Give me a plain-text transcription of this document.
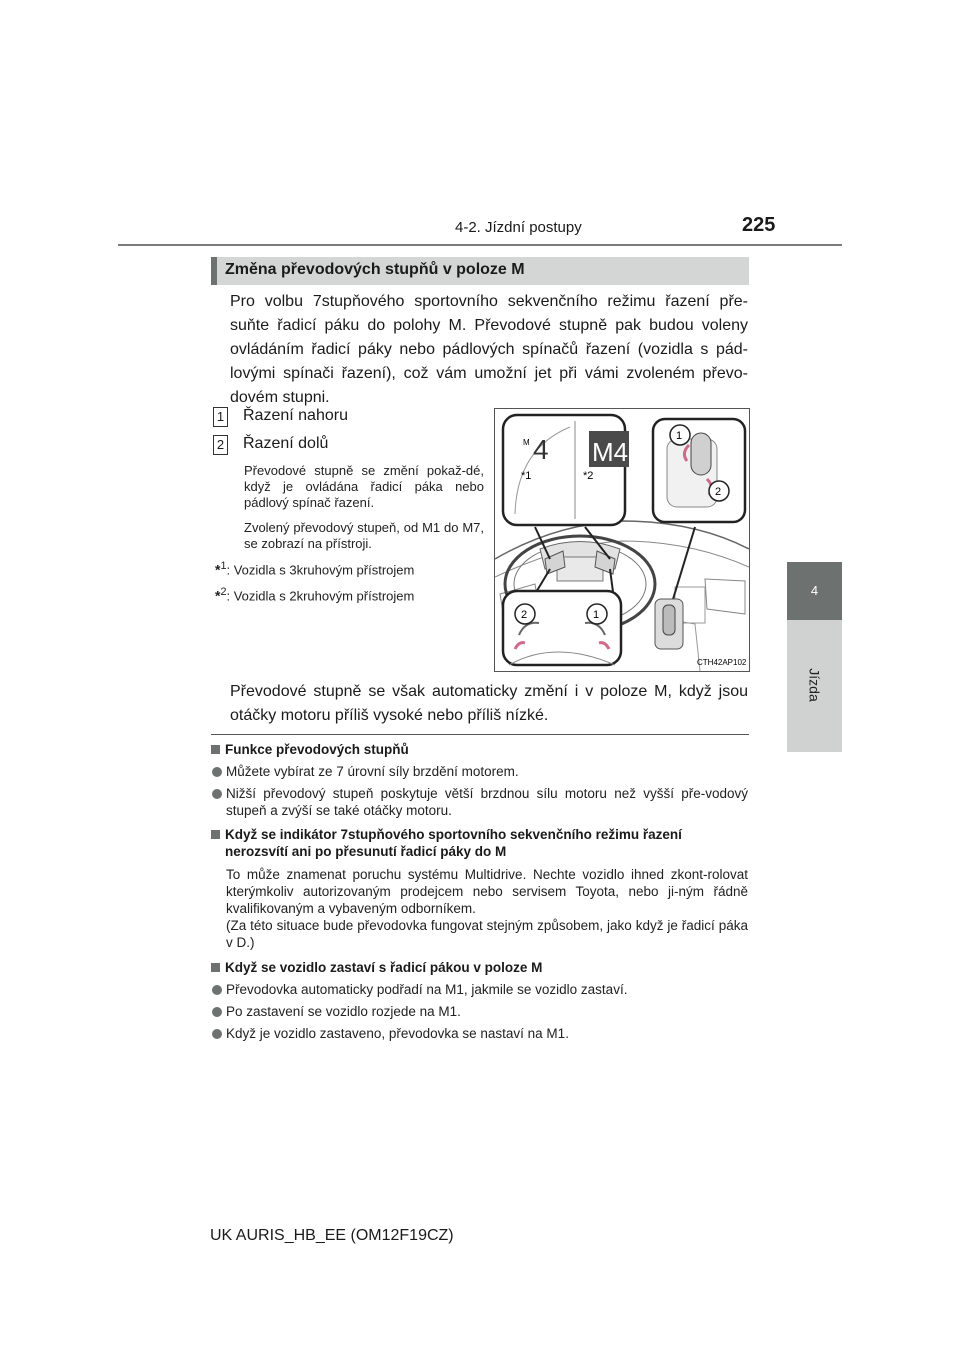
4-2. Jízdní postupy	225
4
Jízda
Změna převodových stupňů v poloze M
Pro volbu 7stupňového sportovního sekvenčního režimu řazení pře-suňte řadicí páku do polohy M. Převodové stupně pak budou voleny ovládáním řadicí páky nebo pádlových spínačů řazení (vozidla s pád-lovými spínači řazení), což vám umožní jet při vámi zvoleném převo-dovém stupni.
1 Řazení nahoru
2 Řazení dolů
Převodové stupně se změní pokaž-dé, když je ovládána řadicí páka nebo pádlový spínač řazení.
Zvolený převodový stupeň, od M1 do M7, se zobrazí na přístroji.
*$^1$: Vozidla s 3kruhovým přístrojem
*$^2$: Vozidla s 2kruhovým přístrojem
M 4 M4
*1	*2
1
2
2	1
CTH42AP102
Převodové stupně se však automaticky změní i v poloze M, když jsou otáčky motoru příliš vysoké nebo příliš nízké.
Funkce převodových stupňů
Můžete vybírat ze 7 úrovní síly brzdění motorem.
Nižší převodový stupeň poskytuje větší brzdnou sílu motoru než vyšší pře-vodový stupeň a zvýší se také otáčky motoru.
Když se indikátor 7stupňového sportovního sekvenčního režimu řazení nerozsvítí ani po přesunutí řadicí páky do M
To může znamenat poruchu systému Multidrive. Nechte vozidlo ihned zkont-rolovat kterýmkoliv autorizovaným prodejcem nebo servisem Toyota, nebo ji-ným řádně kvalifikovaným a vybaveným odborníkem.
(Za této situace bude převodovka fungovat stejným způsobem, jako když je řadicí páka v D.)
Když se vozidlo zastaví s řadicí pákou v poloze M
Převodovka automaticky podřadí na M1, jakmile se vozidlo zastaví.
Po zastavení se vozidlo rozjede na M1.
Když je vozidlo zastaveno, převodovka se nastaví na M1.
UK AURIS_HB_EE (OM12F19CZ)
